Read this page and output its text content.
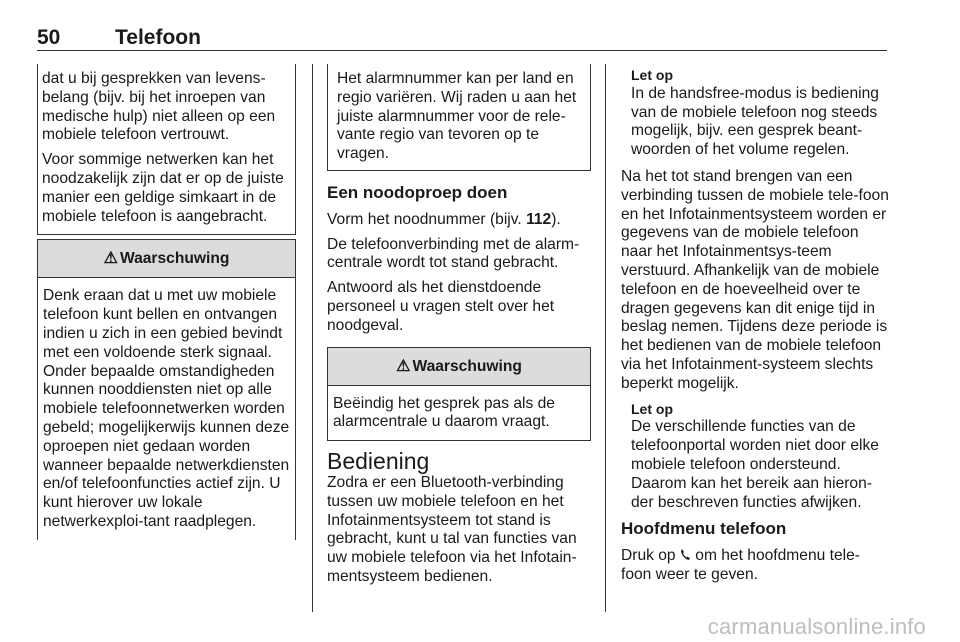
50	Telefoon

dat u bij gesprekken van levens-belang (bijv. bij het inroepen van medische hulp) niet alleen op een mobiele telefoon vertrouwt.

Voor sommige netwerken kan het noodzakelijk zijn dat er op de juiste manier een geldige simkaart in de mobiele telefoon is aangebracht.

⚠ Waarschuwing
Denk eraan dat u met uw mobiele telefoon kunt bellen en ontvangen indien u zich in een gebied bevindt met een voldoende sterk signaal. Onder bepaalde omstandigheden kunnen nooddiensten niet op alle mobiele telefoonnetwerken worden gebeld; mogelijkerwijs kunnen deze oproepen niet gedaan worden wanneer bepaalde netwerkdiensten en/of telefoonfuncties actief zijn. U kunt hierover uw lokale netwerkexploi-tant raadplegen.
Het alarmnummer kan per land en regio variëren. Wij raden u aan het juiste alarmnummer voor de rele-vante regio van tevoren op te vragen.
Een noodoproep doen

Vorm het noodnummer (bijv. 112).

De telefoonverbinding met de alarm-centrale wordt tot stand gebracht.

Antwoord als het dienstdoende personeel u vragen stelt over het noodgeval.

⚠ Waarschuwing
Beëindig het gesprek pas als de alarmcentrale u daarom vraagt.
Bediening

Zodra er een Bluetooth-verbinding tussen uw mobiele telefoon en het Infotainmentsysteem tot stand is gebracht, kunt u tal van functies van uw mobiele telefoon via het Infotain-mentsysteem bedienen.

Let op
In de handsfree-modus is bediening van de mobiele telefoon nog steeds mogelijk, bijv. een gesprek beant-woorden of het volume regelen.

Na het tot stand brengen van een verbinding tussen de mobiele tele-foon en het Infotainmentsysteem worden er gegevens van de mobiele telefoon naar het Infotainmentsys-teem verstuurd. Afhankelijk van de mobiele telefoon en de hoeveelheid over te dragen gegevens kan dit enige tijd in beslag nemen. Tijdens deze periode is het bedienen van de mobiele telefoon via het Infotainment-systeem slechts beperkt mogelijk.

Let op
De verschillende functies van de telefoonportal worden niet door elke mobiele telefoon ondersteund. Daarom kan het bereik aan hieron-der beschreven functies afwijken.
Hoofdmenu telefoon

Druk op  om het hoofdmenu tele-foon weer te geven.

carmanualsonline.info
